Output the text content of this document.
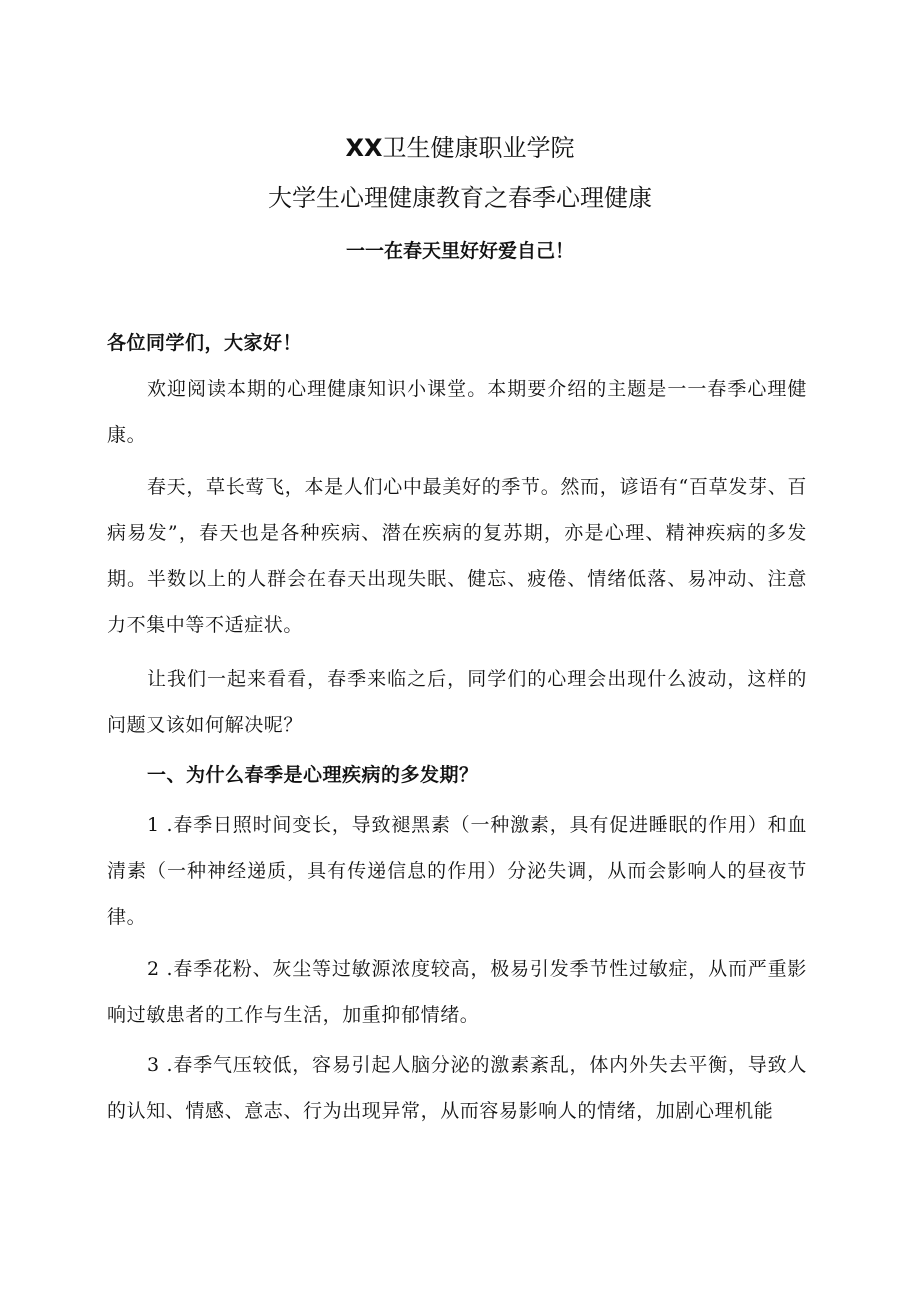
XX卫生健康职业学院
大学生心理健康教育之春季心理健康
一一在春天里好好爱自己！
各位同学们，大家好！
欢迎阅读本期的心理健康知识小课堂。本期要介绍的主题是一一春季心理健康。
春天，草长莺飞，本是人们心中最美好的季节。然而，谚语有“百草发芽、百病易发”，春天也是各种疾病、潜在疾病的复苏期，亦是心理、精神疾病的多发期。半数以上的人群会在春天出现失眠、健忘、疲倦、情绪低落、易冲动、注意力不集中等不适症状。
让我们一起来看看，春季来临之后，同学们的心理会出现什么波动，这样的问题又该如何解决呢？
一、为什么春季是心理疾病的多发期？
1 .春季日照时间变长，导致褪黑素（一种激素，具有促进睡眠的作用）和血清素（一种神经递质，具有传递信息的作用）分泌失调，从而会影响人的昼夜节律。
2 .春季花粉、灰尘等过敏源浓度较高，极易引发季节性过敏症，从而严重影响过敏患者的工作与生活，加重抑郁情绪。
3 .春季气压较低，容易引起人脑分泌的激素紊乱，体内外失去平衡，导致人的认知、情感、意志、行为出现异常，从而容易影响人的情绪，加剧心理机能
